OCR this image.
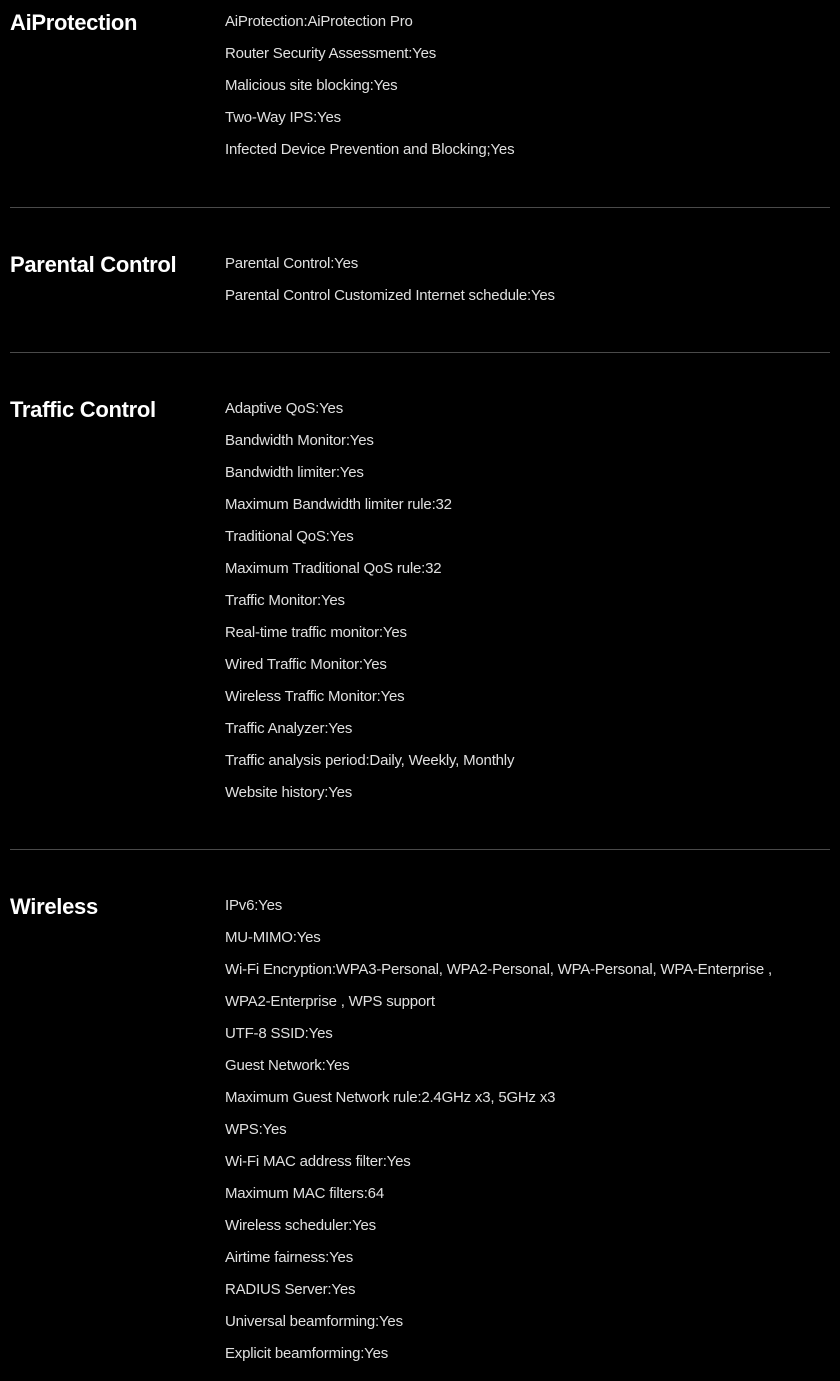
AiProtection	AiProtection:AiProtection Pro
Router Security Assessment:Yes
Malicious site blocking:Yes
Two-Way IPS:Yes
Infected Device Prevention and Blocking;Yes
Parental Control	Parental Control:Yes
Parental Control Customized Internet schedule:Yes
Traffic Control	Adaptive QoS:Yes
Bandwidth Monitor:Yes
Bandwidth limiter:Yes
Maximum Bandwidth limiter rule:32
Traditional QoS:Yes
Maximum Traditional QoS rule:32
Traffic Monitor:Yes
Real-time traffic monitor:Yes
Wired Traffic Monitor:Yes
Wireless Traffic Monitor:Yes
Traffic Analyzer:Yes
Traffic analysis period:Daily, Weekly, Monthly
Website history:Yes
Wireless	IPv6:Yes
MU-MIMO:Yes
Wi-Fi Encryption:WPA3-Personal, WPA2-Personal, WPA-Personal, WPA-Enterprise ,
WPA2-Enterprise , WPS support
UTF-8 SSID:Yes
Guest Network:Yes
Maximum Guest Network rule:2.4GHz x3, 5GHz x3
WPS:Yes
Wi-Fi MAC address filter:Yes
Maximum MAC filters:64
Wireless scheduler:Yes
Airtime fairness:Yes
RADIUS Server:Yes
Universal beamforming:Yes
Explicit beamforming:Yes
